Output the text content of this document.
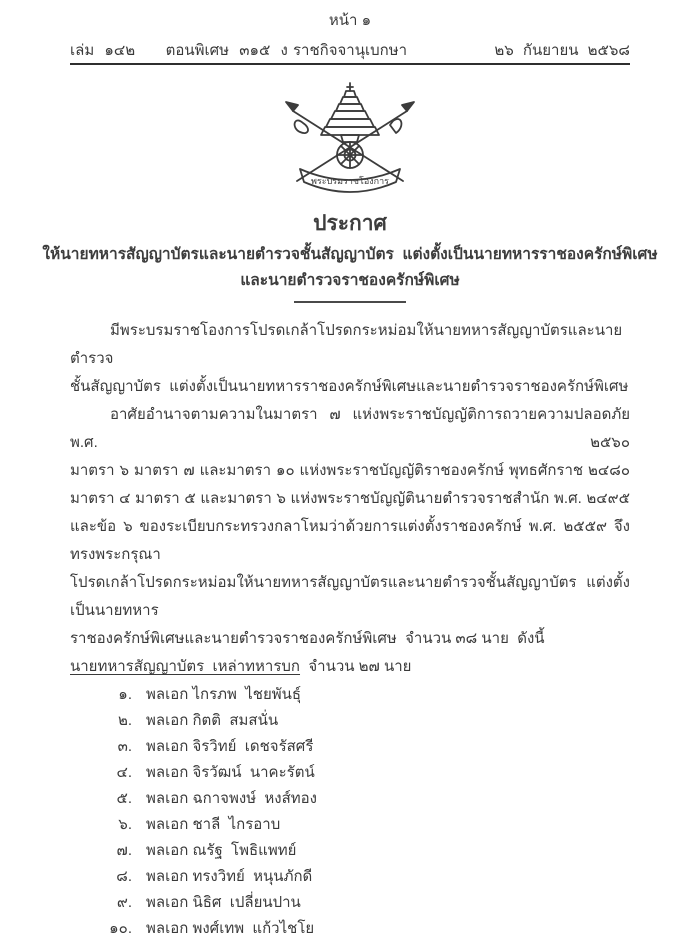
หน้า ๑
เล่ม ๑๔๒   ตอนพิเศษ ๓๑๕ ง ราชกิจจานุเบกษา	๒๖ กันยายน ๒๕๖๘
พระบรมราชโองการ
ประกาศ
ให้นายทหารสัญญาบัตรและนายตำรวจชั้นสัญญาบัตร  แต่งตั้งเป็นนายทหารราชองครักษ์พิเศษ
และนายตำรวจราชองครักษ์พิเศษ
มีพระบรมราชโองการโปรดเกล้าโปรดกระหม่อมให้นายทหารสัญญาบัตรและนายตำรวจ
ชั้นสัญญาบัตร  แต่งตั้งเป็นนายทหารราชองครักษ์พิเศษและนายตำรวจราชองครักษ์พิเศษ
อาศัยอำนาจตามความในมาตรา ๗ แห่งพระราชบัญญัติการถวายความปลอดภัย พ.ศ. ๒๕๖๐
มาตรา ๖ มาตรา ๗ และมาตรา ๑๐ แห่งพระราชบัญญัติราชองครักษ์ พุทธศักราช ๒๔๘๐
มาตรา ๔ มาตรา ๕ และมาตรา ๖ แห่งพระราชบัญญัตินายตำรวจราชสำนัก พ.ศ. ๒๔๙๕
และข้อ ๖ ของระเบียบกระทรวงกลาโหมว่าด้วยการแต่งตั้งราชองครักษ์ พ.ศ. ๒๕๕๙ จึงทรงพระกรุณา
โปรดเกล้าโปรดกระหม่อมให้นายทหารสัญญาบัตรและนายตำรวจชั้นสัญญาบัตร  แต่งตั้งเป็นนายทหาร
ราชองครักษ์พิเศษและนายตำรวจราชองครักษ์พิเศษ  จำนวน ๓๘ นาย  ดังนี้
นายทหารสัญญาบัตร  เหล่าทหารบก  จำนวน ๒๗ นาย
๑. พลเอก ไกรภพ  ไชยพันธุ์
๒. พลเอก กิตติ  สมสนั่น
๓. พลเอก จิรวิทย์  เดชจรัสศรี
๔. พลเอก จิรวัฒน์  นาคะรัตน์
๕. พลเอก ฉกาจพงษ์  หงส์ทอง
๖. พลเอก ชาลี  ไกรอาบ
๗. พลเอก ณรัฐ  โพธิแพทย์
๘. พลเอก ทรงวิทย์  หนุนภักดี
๙. พลเอก นิธิศ  เปลี่ยนปาน
๑๐. พลเอก พงศ์เทพ  แก้วไชโย
